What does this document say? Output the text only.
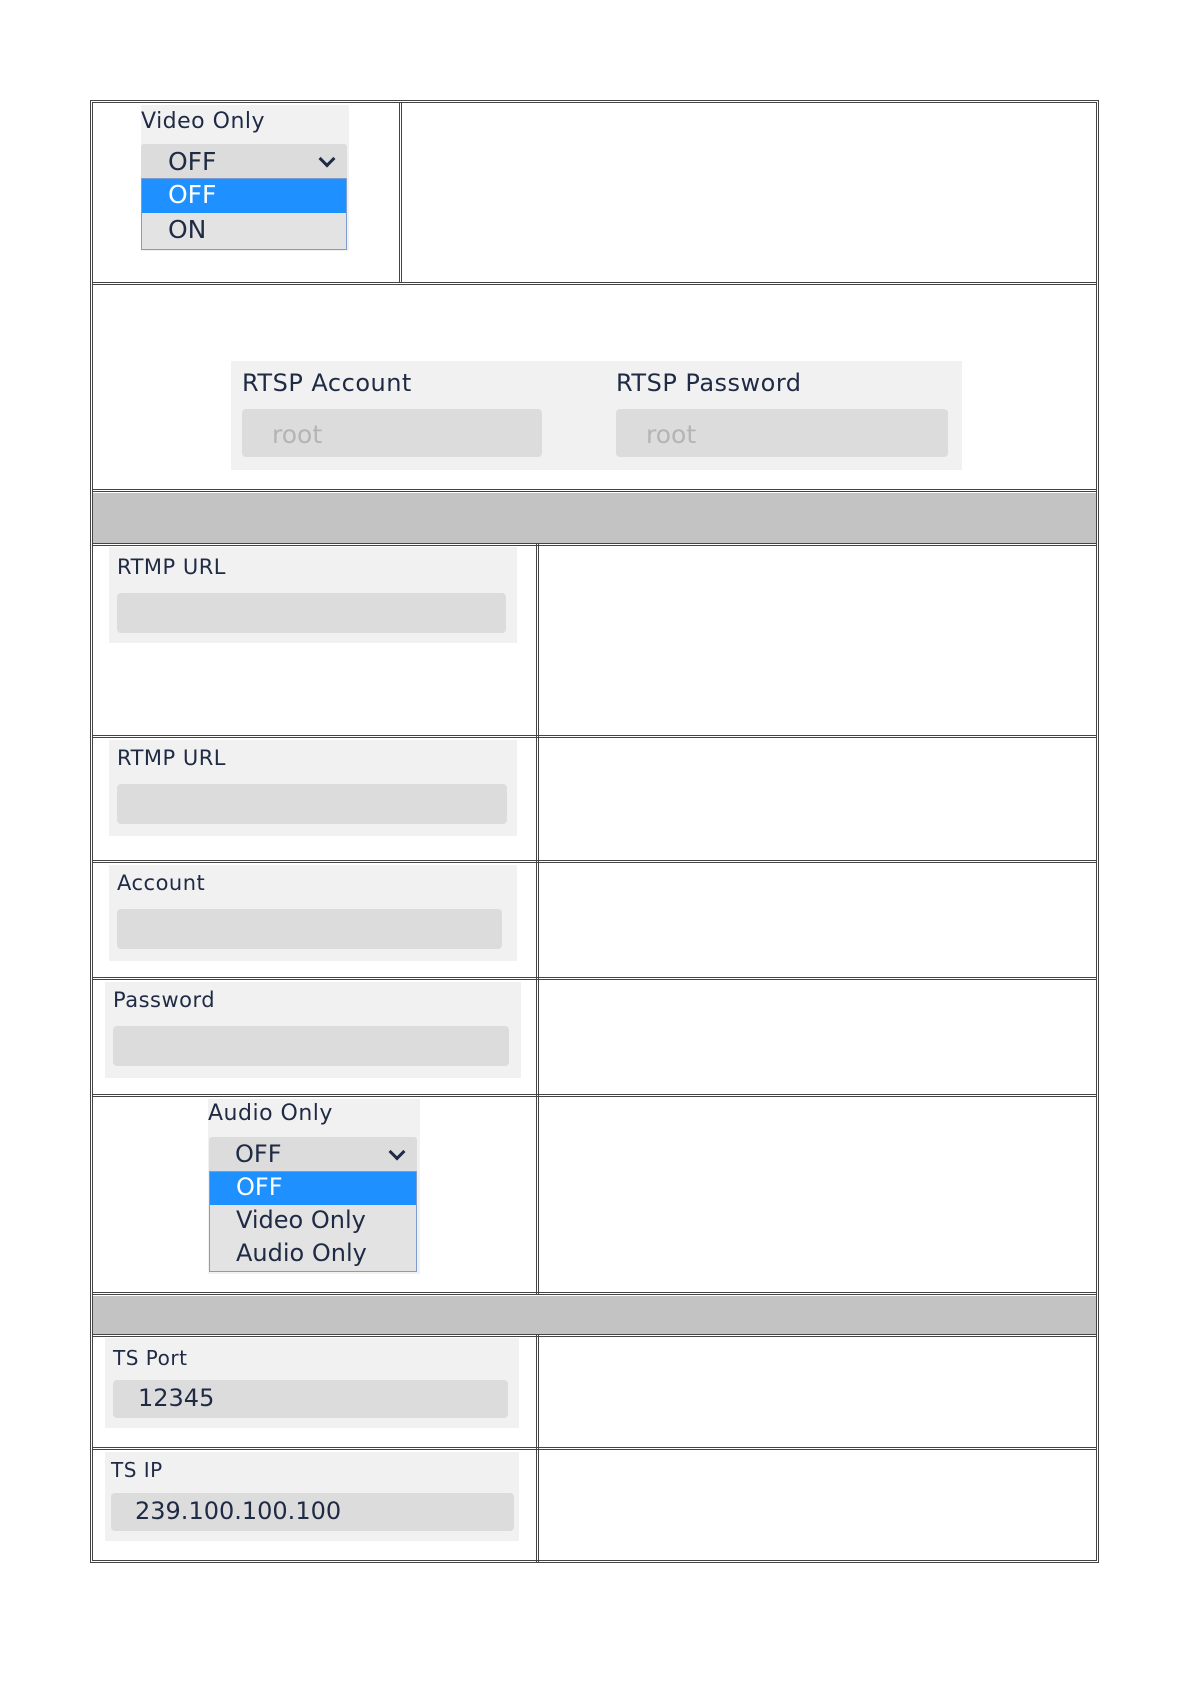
Video Only
OFF
OFF
ON
RTSP Account
root
RTSP Password
root
RTMP URL
RTMP URL
Account
Password
Audio Only
OFF
OFF
Video Only
Audio Only
TS Port
12345
TS IP
239.100.100.100
